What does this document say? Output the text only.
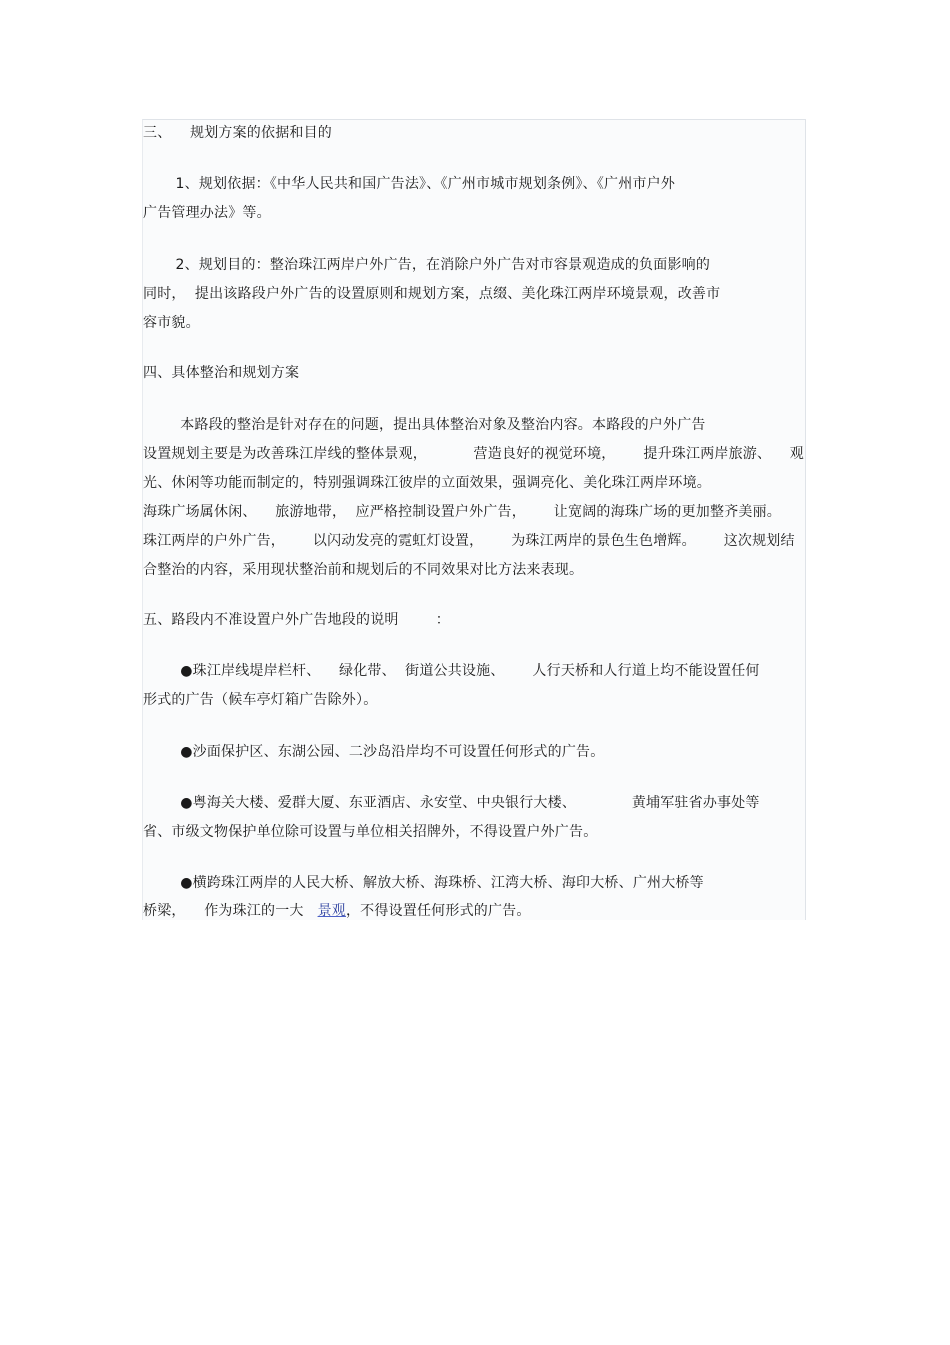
三、    规划方案的依据和目的
1、规划依据：《中华人民共和国广告法》、《广州市城市规划条例》、《广州市户外
广告管理办法》等。
2、规划目的：整治珠江两岸户外广告，在消除户外广告对市容景观造成的负面影响的
同时，  提出该路段户外广告的设置原则和规划方案，点缀、美化珠江两岸环境景观，改善市
容市貌。
四、具体整治和规划方案
本路段的整治是针对存在的问题，提出具体整治对象及整治内容。本路段的户外广告
设置规划主要是为改善珠江岸线的整体景观，          营造良好的视觉环境，      提升珠江两岸旅游、    观
光、休闲等功能而制定的，特别强调珠江彼岸的立面效果，强调亮化、美化珠江两岸环境。
海珠广场属休闲、    旅游地带，  应严格控制设置户外广告，      让宽阔的海珠广场的更加整齐美丽。
珠江两岸的户外广告，      以闪动发亮的霓虹灯设置，      为珠江两岸的景色生色增辉。      这次规划结
合整治的内容，采用现状整治前和规划后的不同效果对比方法来表现。
五、路段内不准设置户外广告地段的说明        ：
●珠江岸线堤岸栏杆、    绿化带、  街道公共设施、      人行天桥和人行道上均不能设置任何
形式的广告（候车亭灯箱广告除外）。
●沙面保护区、东湖公园、二沙岛沿岸均不可设置任何形式的广告。
●粤海关大楼、爱群大厦、东亚酒店、永安堂、中央银行大楼、            黄埔军驻省办事处等
省、市级文物保护单位除可设置与单位相关招牌外，不得设置户外广告。
●横跨珠江两岸的人民大桥、解放大桥、海珠桥、江湾大桥、海印大桥、广州大桥等
桥梁，    作为珠江的一大   景观，不得设置任何形式的广告。
